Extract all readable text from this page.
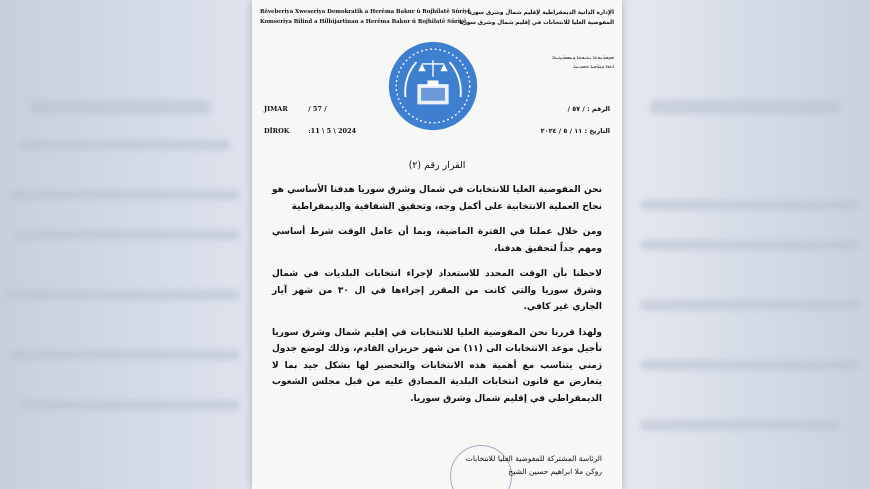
Rêveberiya Xweseriya Demokratîk a Herêma Bakur û Rojhilatê Sûriyê
Komseriya Bilind a Hilbijartinan a Herêma Bakur û Rojhilatê Sûriyê
الإدارة الذاتية الديمقراطية لإقليم شمال وشرق سوريا
المفوضية العليا للانتخابات في إقليم شمال وشرق سوريا
ܡܕܒܪܢܘܬܐ ܝܬܝܒܬܐ ܕܝܡܩܪܛܝܬܐ
ܐܬܪܐ ܕܓܪܒܝܐ ܘܡܕܢܚܐ
JIMAR	/ 57 /
DÎROK	:11 \ 5 \ 2024
الرقم : / ٥٧ /
التاريخ : ١١ / ٥ / ٢٠٢٤
القرار رقم (٢)

نحن المفوضية العليا للانتخابات في شمال وشرق سوريا هدفنا الأساسي هو نجاح العملية الانتخابية على أكمل وجه، وتحقيق الشفافية والديمقراطية

ومن خلال عملنا في الفترة الماضية، وبما أن عامل الوقت شرط أساسي ومهم جداً لتحقيق هدفنا،

لاحظنا بأن الوقت المحدد للاستعداد لإجراء انتخابات البلديات في شمال وشرق سوريا والتي كانت من المقرر إجراءها في ال ٣٠ من شهر آيار الجاري غير كافي.

ولهذا قررنا نحن المفوضية العليا للانتخابات في إقليم شمال وشرق سوريا تأجيل موعد الانتخابات الى (١١) من شهر حزيران القادم، وذلك لوضع جدول زمني يتناسب مع أهمية هذه الانتخابات والتحضير لها بشكل جيد بما لا يتعارض مع قانون انتخابات البلدية المصادق عليه من قبل مجلس الشعوب الديمقراطي في إقليم شمال وشرق سوريا.

الرئاسة المشتركة للمفوضية العليا للانتخابات
روكن ملا ابراهيم حسين الشيخ
